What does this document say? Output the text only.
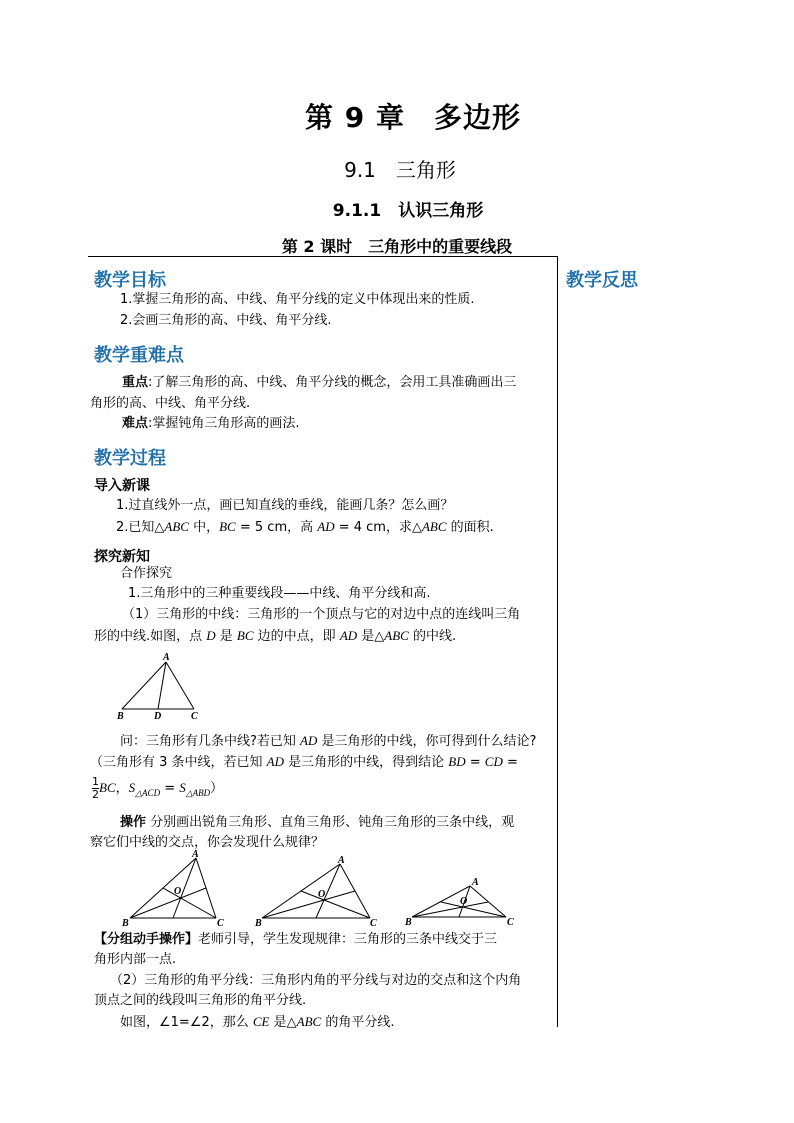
第 9 章　多边形
9.1　三角形
9.1.1　认识三角形
第 2 课时　三角形中的重要线段
教学反思
教学目标
1.掌握三角形的高、中线、角平分线的定义中体现出来的性质.
2.会画三角形的高、中线、角平分线.
教学重难点
重点:了解三角形的高、中线、角平分线的概念，会用工具准确画出三
角形的高、中线、角平分线.
难点:掌握钝角三角形高的画法.
教学过程
导入新课
1.过直线外一点，画已知直线的垂线，能画几条？怎么画？
2.已知△ABC 中，BC = 5 cm，高 AD = 4 cm，求△ABC 的面积.
探究新知
合作探究
1.三角形中的三种重要线段——中线、角平分线和高.
（1）三角形的中线：三角形的一个顶点与它的对边中点的连线叫三角
形的中线.如图，点 D 是 BC 边的中点，即 AD 是△ABC 的中线.
A
B	D	C
问：三角形有几条中线?若已知 AD 是三角形的中线，你可得到什么结论?
（三角形有 3 条中线，若已知 AD 是三角形的中线，得到结论 BD = CD =
$\frac{1}{2}$ BC，$S_{\triangle ACD} = S_{\triangle ABD}$）
操作 分别画出锐角三角形、直角三角形、钝角三角形的三条中线，观
察它们中线的交点，你会发现什么规律？
A
O
B	C
A
O
B	C
A
O
B	C
【分组动手操作】老师引导，学生发现规律：三角形的三条中线交于三
角形内部一点.
（2）三角形的角平分线：三角形内角的平分线与对边的交点和这个内角
顶点之间的线段叫三角形的角平分线.
如图，∠1=∠2，那么 CE 是△ABC 的角平分线.
